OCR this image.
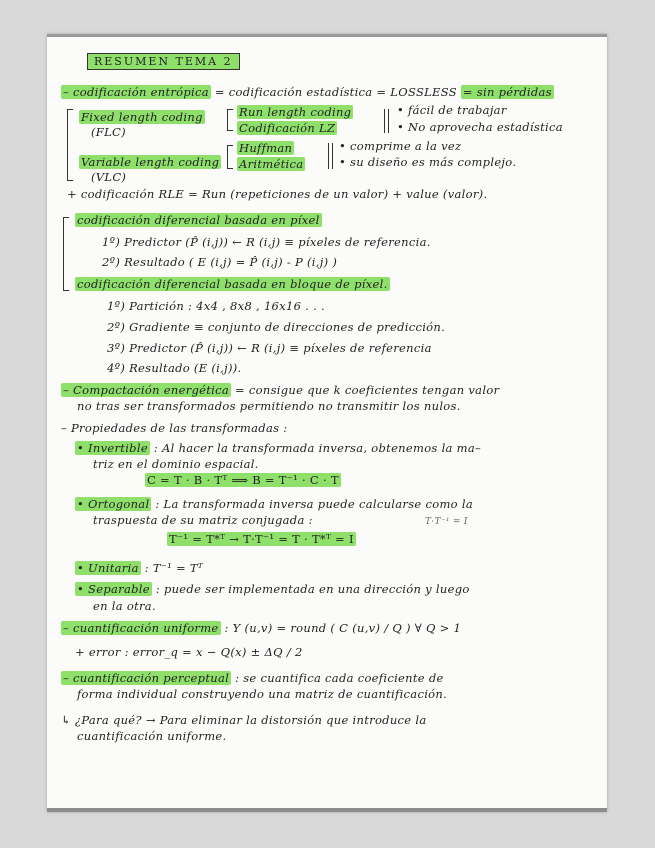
RESUMEN TEMA 2
– codificación entrópica = codificación estadística = LOSSLESS = sin pérdidas
Fixed length coding
(FLC)
Run length coding
Codificación LZ
• fácil de trabajar
• No aprovecha estadística
Variable length coding
(VLC)
Huffman
Aritmética
• comprime a la vez
• su diseño es más complejo.
+ codificación RLE = Run (repeticiones de un valor) + value (valor).
codificación diferencial basada en píxel
1º) Predictor (P̂ (i,j)) ← R (i,j) ≡ píxeles de referencia.
2º) Resultado ( E (i,j) = P̂ (i,j) - P (i,j) )
codificación diferencial basada en bloque de píxel.
1º) Partición : 4x4 , 8x8 , 16x16 . . .
2º) Gradiente ≡ conjunto de direcciones de predicción.
3º) Predictor (P̂ (i,j)) ← R (i,j) ≡ píxeles de referencia
4º) Resultado (E (i,j)).
– Compactación energética = consigue que k coeficientes tengan valor
no tras ser transformados permitiendo no transmitir los nulos.
– Propiedades de las transformadas :
• Invertible : Al hacer la transformada inversa, obtenemos la ma–
triz en el dominio espacial.
C = T · B · Tᵀ ⟹ B = T⁻¹ · C · T
• Ortogonal : La transformada inversa puede calcularse como la
traspuesta de su matriz conjugada :
T⁻¹ = T*ᵀ → T·T⁻¹ = T · T*ᵀ = I
T·T⁻¹ = I
• Unitaria : T⁻¹ = Tᵀ
• Separable : puede ser implementada en una dirección y luego
en la otra.
– cuantificación uniforme : Y (u,v) = round ( C (u,v) / Q ) ∀ Q > 1
+ error : error_q = x − Q(x) ± ΔQ / 2
– cuantificación perceptual : se cuantifica cada coeficiente de
forma individual construyendo una matriz de cuantificación.
↳ ¿Para qué? → Para eliminar la distorsión que introduce la
cuantificación uniforme.
